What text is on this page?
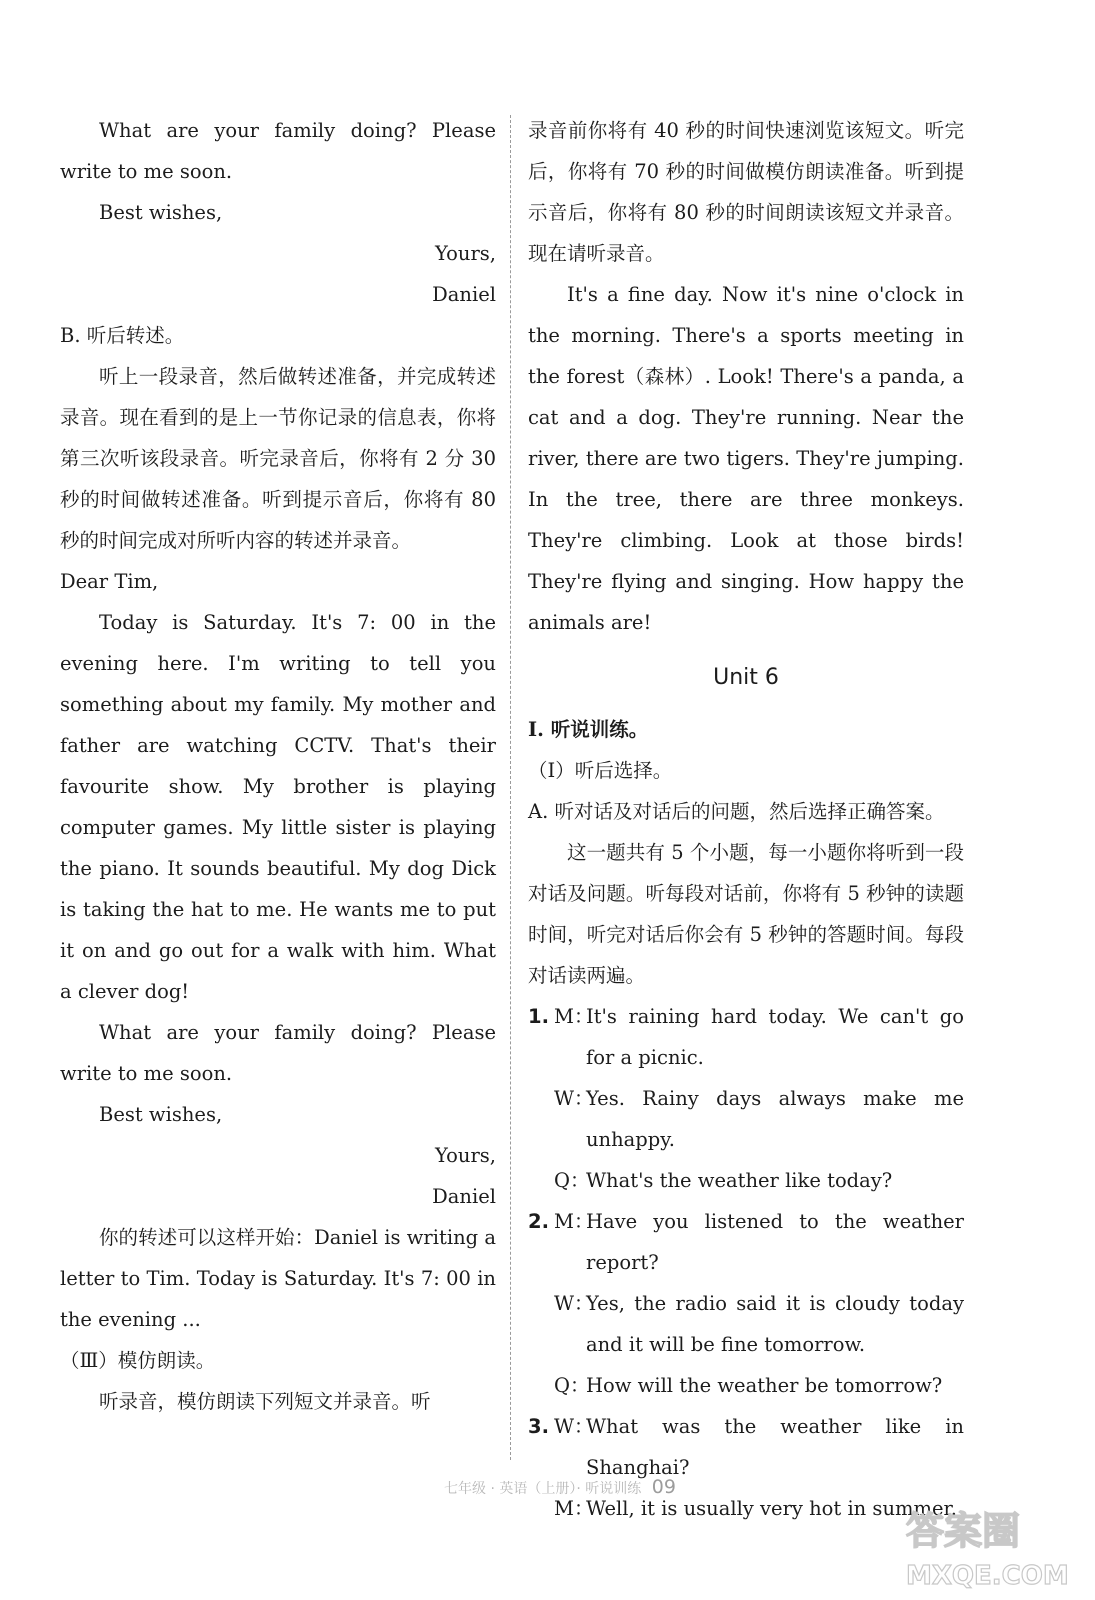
What are your family doing? Please write to me soon.

Best wishes,

Yours,

Daniel

B. 听后转述。

听上一段录音，然后做转述准备，并完成转述录音。现在看到的是上一节你记录的信息表，你将第三次听该段录音。听完录音后，你将有 2 分 30 秒的时间做转述准备。听到提示音后，你将有 80 秒的时间完成对所听内容的转述并录音。

Dear Tim,

Today is Saturday. It's 7: 00 in the evening here. I'm writing to tell you something about my family. My mother and father are watching CCTV. That's their favourite show. My brother is playing computer games. My little sister is playing the piano. It sounds beautiful. My dog Dick is taking the hat to me. He wants me to put it on and go out for a walk with him. What a clever dog!

What are your family doing? Please write to me soon.

Best wishes,

Yours,

Daniel

你的转述可以这样开始：Daniel is writing a letter to Tim. Today is Saturday. It's 7: 00 in the evening ...

（Ⅲ）模仿朗读。

听录音，模仿朗读下列短文并录音。听

录音前你将有 40 秒的时间快速浏览该短文。听完后，你将有 70 秒的时间做模仿朗读准备。听到提示音后，你将有 80 秒的时间朗读该短文并录音。现在请听录音。

It's a fine day. Now it's nine o'clock in the morning. There's a sports meeting in the forest（森林）. Look! There's a panda, a cat and a dog. They're running. Near the river, there are two tigers. They're jumping. In the tree, there are three monkeys. They're climbing. Look at those birds! They're flying and singing. How happy the animals are!

Unit 6

Ⅰ. 听说训练。

（Ⅰ）听后选择。

A. 听对话及对话后的问题，然后选择正确答案。

这一题共有 5 个小题，每一小题你将听到一段对话及问题。听每段对话前，你将有 5 秒钟的读题时间，听完对话后你会有 5 秒钟的答题时间。每段对话读两遍。

1. M：
It's raining hard today. We can't go for a picnic.
W：
Yes. Rainy days always make me unhappy.
Q：
What's the weather like today?
2. M：
Have you listened to the weather report?
W：
Yes, the radio said it is cloudy today and it will be fine tomorrow.
Q：
How will the weather be tomorrow?
3. W：
What was the weather like in Shanghai?
M：
Well, it is usually very hot in summer.
七年级 · 英语（上册）· 听说训练 09
答案圈
MXQE.COM
